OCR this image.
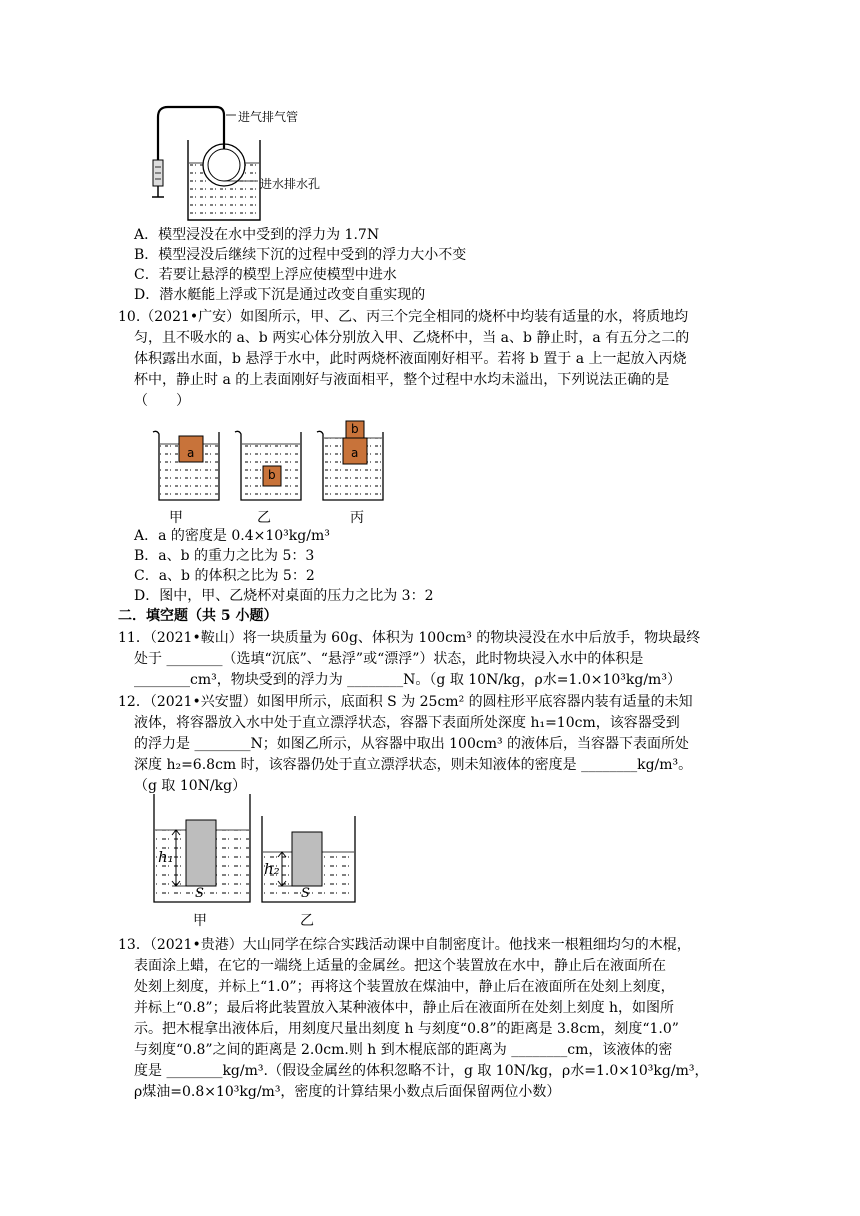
进气排气管
进水排水孔
A．模型浸没在水中受到的浮力为 1.7N
B．模型浸没后继续下沉的过程中受到的浮力大小不变
C．若要让悬浮的模型上浮应使模型中进水
D．潜水艇能上浮或下沉是通过改变自重实现的
10.（2021•广安）如图所示，甲、乙、丙三个完全相同的烧杯中均装有适量的水，将质地均
匀，且不吸水的 a、b 两实心体分别放入甲、乙烧杯中，当 a、b 静止时，a 有五分之二的
体积露出水面，b 悬浮于水中，此时两烧杯液面刚好相平。若将 b 置于 a 上一起放入丙烧
杯中，静止时 a 的上表面刚好与液面相平，整个过程中水均未溢出，下列说法正确的是
（　　）
a
b
b
a
甲	乙	丙
A．a 的密度是 0.4×10³kg/m³
B．a、b 的重力之比为 5：3
C．a、b 的体积之比为 5：2
D．图中，甲、乙烧杯对桌面的压力之比为 3：2
二．填空题（共 5 小题）
11．（2021•鞍山）将一块质量为 60g、体积为 100cm³ 的物块浸没在水中后放手，物块最终
处于 ________（选填“沉底”、“悬浮”或“漂浮”）状态，此时物块浸入水中的体积是
________cm³，物块受到的浮力为 ________N。（g 取 10N/kg，ρ水=1.0×10³kg/m³）
12．（2021•兴安盟）如图甲所示，底面积 S 为 25cm² 的圆柱形平底容器内装有适量的未知
液体，将容器放入水中处于直立漂浮状态，容器下表面所处深度 h₁=10cm，该容器受到
的浮力是 ________N；如图乙所示，从容器中取出 100cm³ 的液体后，当容器下表面所处
深度 h₂=6.8cm 时，该容器仍处于直立漂浮状态，则未知液体的密度是 ________kg/m³。
（g 取 10N/kg）
h₁
h₂
S	S
甲	乙
13．（2021•贵港）大山同学在综合实践活动课中自制密度计。他找来一根粗细均匀的木棍，
表面涂上蜡，在它的一端绕上适量的金属丝。把这个装置放在水中，静止后在液面所在
处刻上刻度，并标上“1.0”；再将这个装置放在煤油中，静止后在液面所在处刻上刻度，
并标上“0.8”；最后将此装置放入某种液体中，静止后在液面所在处刻上刻度 h，如图所
示。把木棍拿出液体后，用刻度尺量出刻度 h 与刻度“0.8”的距离是 3.8cm，刻度“1.0”
与刻度“0.8”之间的距离是 2.0cm.则 h 到木棍底部的距离为 ________cm，该液体的密
度是 ________kg/m³.（假设金属丝的体积忽略不计，g 取 10N/kg，ρ水=1.0×10³kg/m³，
ρ煤油=0.8×10³kg/m³，密度的计算结果小数点后面保留两位小数）
